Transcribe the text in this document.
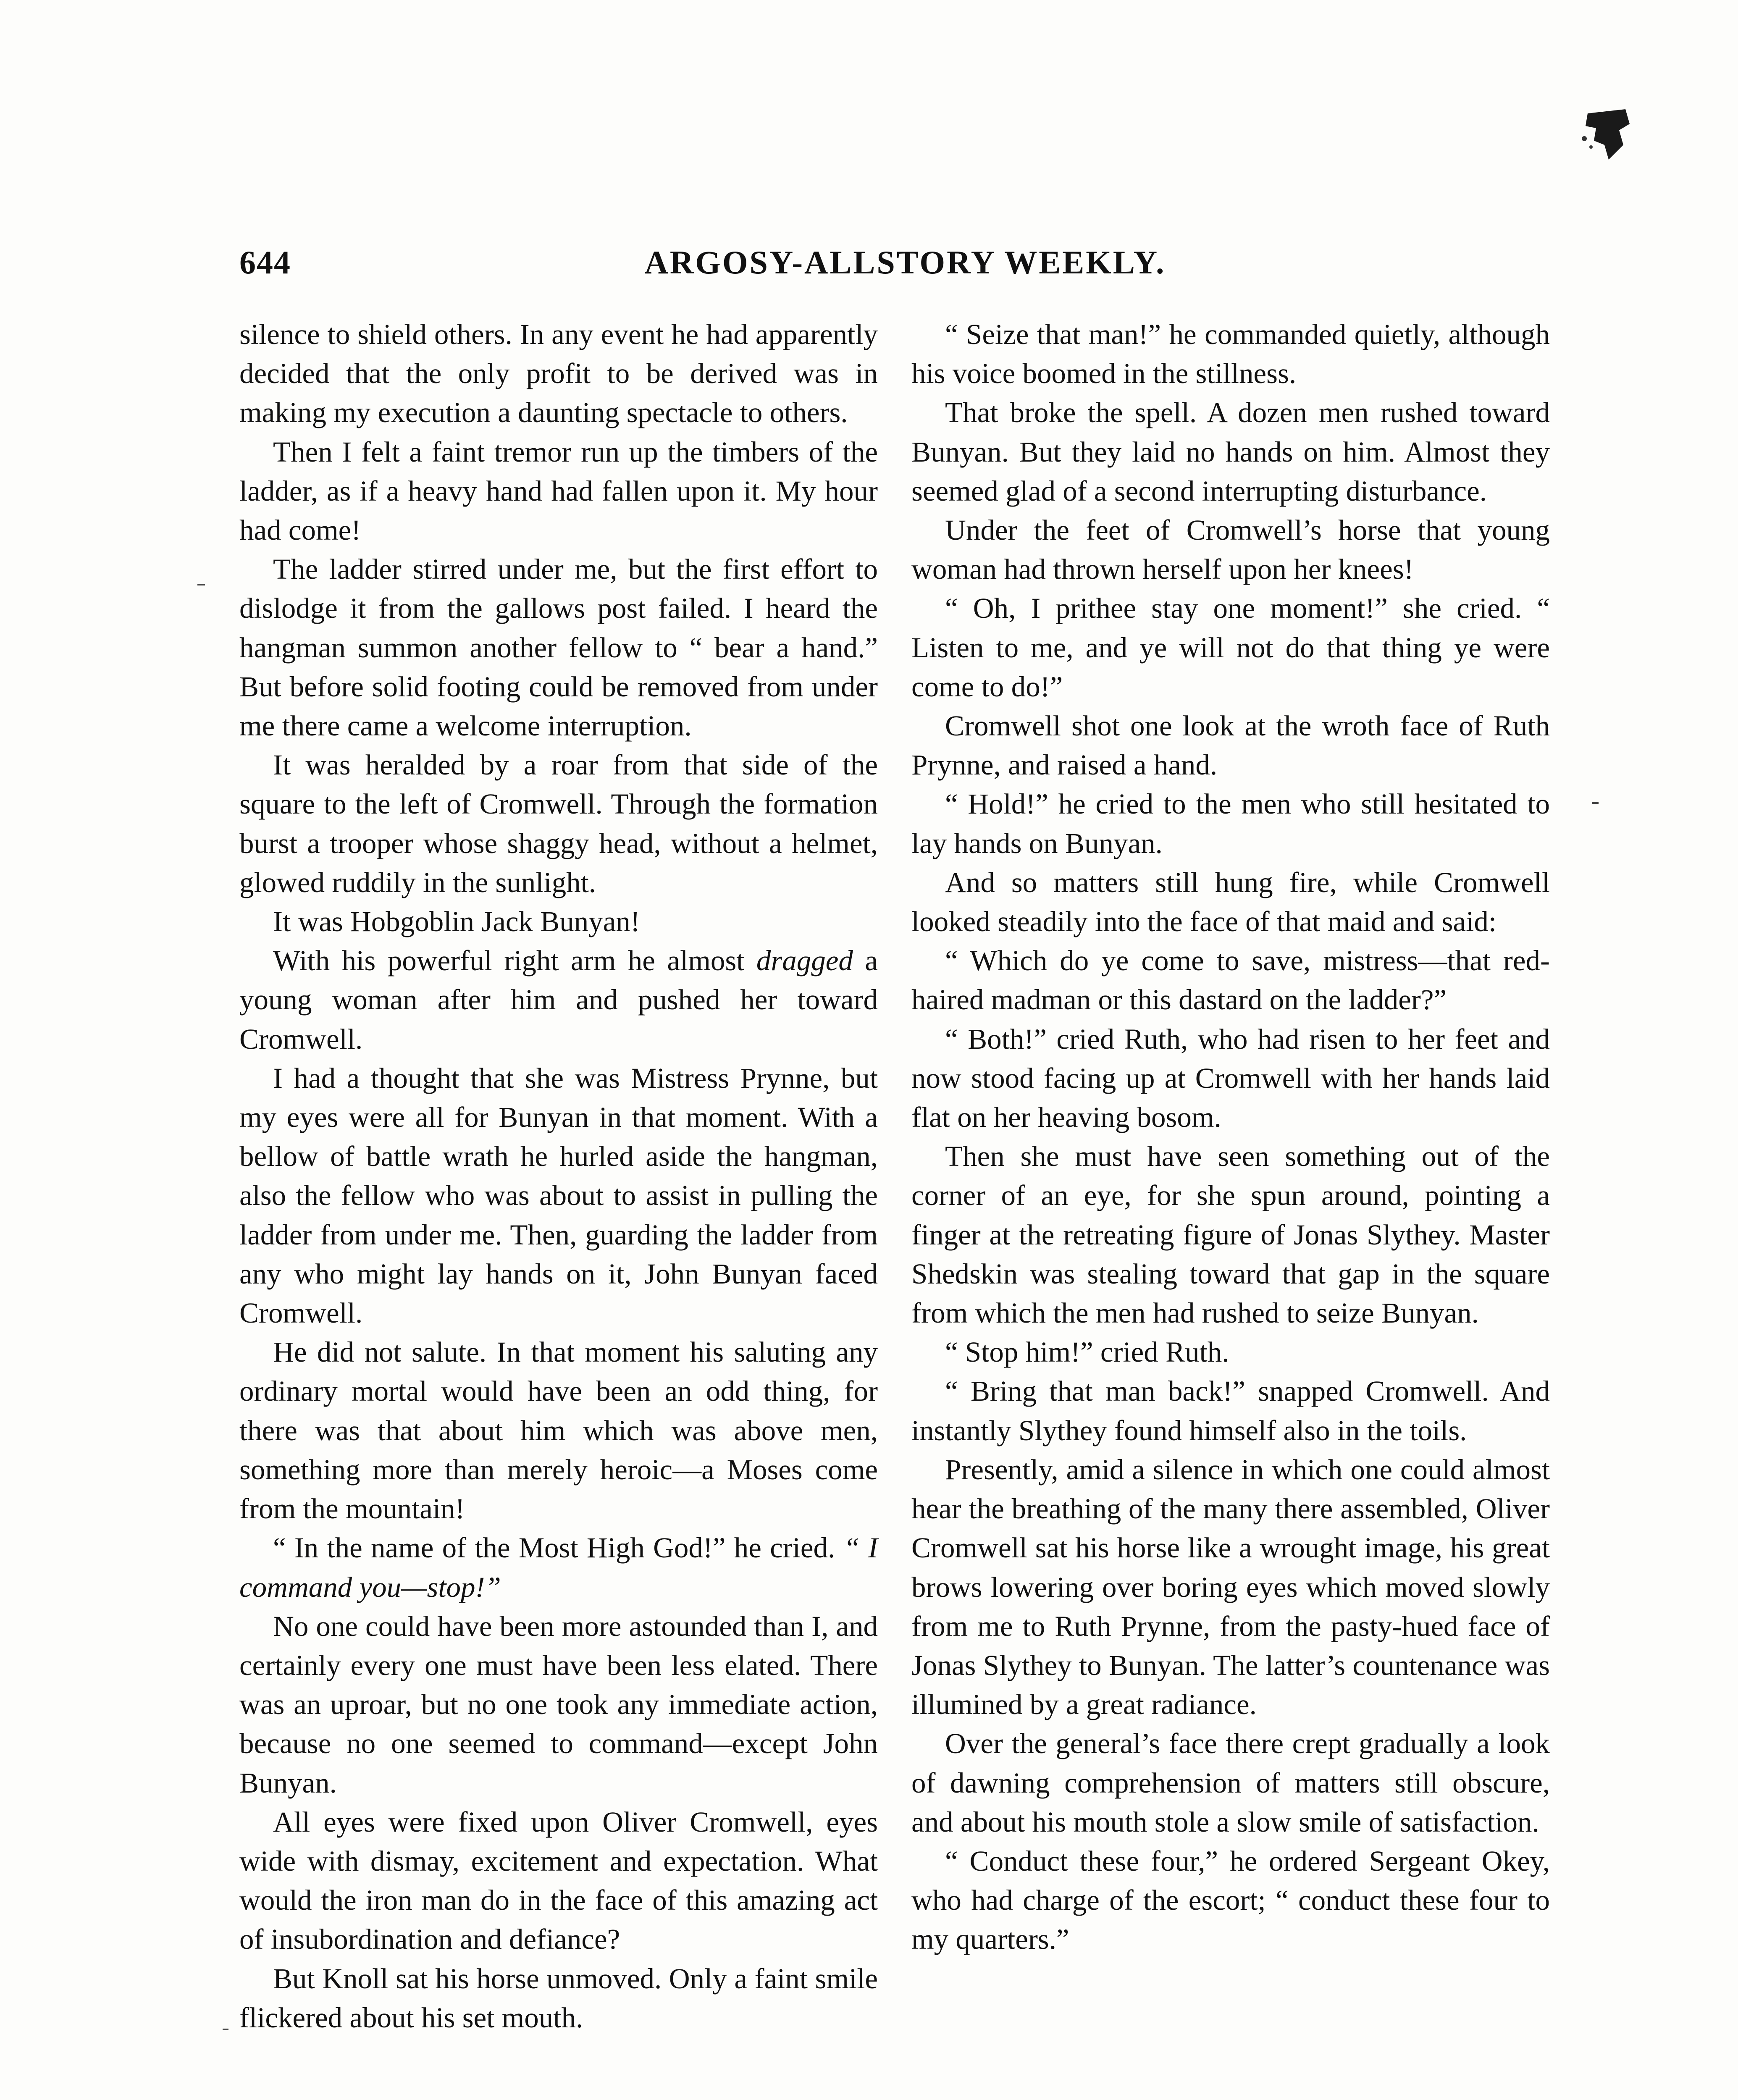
644	ARGOSY-ALLSTORY WEEKLY.

silence to shield others. In any event he had apparently decided that the only profit to be derived was in making my execution a daunting spectacle to others.

Then I felt a faint tremor run up the timbers of the ladder, as if a heavy hand had fallen upon it. My hour had come!

The ladder stirred under me, but the first effort to dislodge it from the gallows post failed. I heard the hangman summon another fellow to “ bear a hand.” But before solid footing could be removed from under me there came a welcome interruption.

It was heralded by a roar from that side of the square to the left of Cromwell. Through the formation burst a trooper whose shaggy head, without a helmet, glowed ruddily in the sunlight.

It was Hobgoblin Jack Bunyan!

With his powerful right arm he almost dragged a young woman after him and pushed her toward Cromwell.

I had a thought that she was Mistress Prynne, but my eyes were all for Bunyan in that moment. With a bellow of battle wrath he hurled aside the hangman, also the fellow who was about to assist in pulling the ladder from under me. Then, guarding the ladder from any who might lay hands on it, John Bunyan faced Cromwell.

He did not salute. In that moment his saluting any ordinary mortal would have been an odd thing, for there was that about him which was above men, something more than merely heroic—a Moses come from the mountain!

“ In the name of the Most High God!” he cried. “ I command you—stop!”

No one could have been more astounded than I, and certainly every one must have been less elated. There was an uproar, but no one took any immediate action, because no one seemed to command—except John Bunyan.

All eyes were fixed upon Oliver Cromwell, eyes wide with dismay, excitement and expectation. What would the iron man do in the face of this amazing act of insubordination and defiance?

But Knoll sat his horse unmoved. Only a faint smile flickered about his set mouth.

“ Seize that man!” he commanded quietly, although his voice boomed in the stillness.

That broke the spell. A dozen men rushed toward Bunyan. But they laid no hands on him. Almost they seemed glad of a second interrupting disturbance.

Under the feet of Cromwell’s horse that young woman had thrown herself upon her knees!

“ Oh, I prithee stay one moment!” she cried. “ Listen to me, and ye will not do that thing ye were come to do!”

Cromwell shot one look at the wroth face of Ruth Prynne, and raised a hand.

“ Hold!” he cried to the men who still hesitated to lay hands on Bunyan.

And so matters still hung fire, while Cromwell looked steadily into the face of that maid and said:

“ Which do ye come to save, mistress—that red-haired madman or this dastard on the ladder?”

“ Both!” cried Ruth, who had risen to her feet and now stood facing up at Cromwell with her hands laid flat on her heaving bosom.

Then she must have seen something out of the corner of an eye, for she spun around, pointing a finger at the retreating figure of Jonas Slythey. Master Shedskin was stealing toward that gap in the square from which the men had rushed to seize Bunyan.

“ Stop him!” cried Ruth.

“ Bring that man back!” snapped Cromwell. And instantly Slythey found himself also in the toils.

Presently, amid a silence in which one could almost hear the breathing of the many there assembled, Oliver Cromwell sat his horse like a wrought image, his great brows lowering over boring eyes which moved slowly from me to Ruth Prynne, from the pasty-hued face of Jonas Slythey to Bunyan. The latter’s countenance was illumined by a great radiance.

Over the general’s face there crept gradually a look of dawning comprehension of matters still obscure, and about his mouth stole a slow smile of satisfaction.

“ Conduct these four,” he ordered Sergeant Okey, who had charge of the escort; “ conduct these four to my quarters.”
